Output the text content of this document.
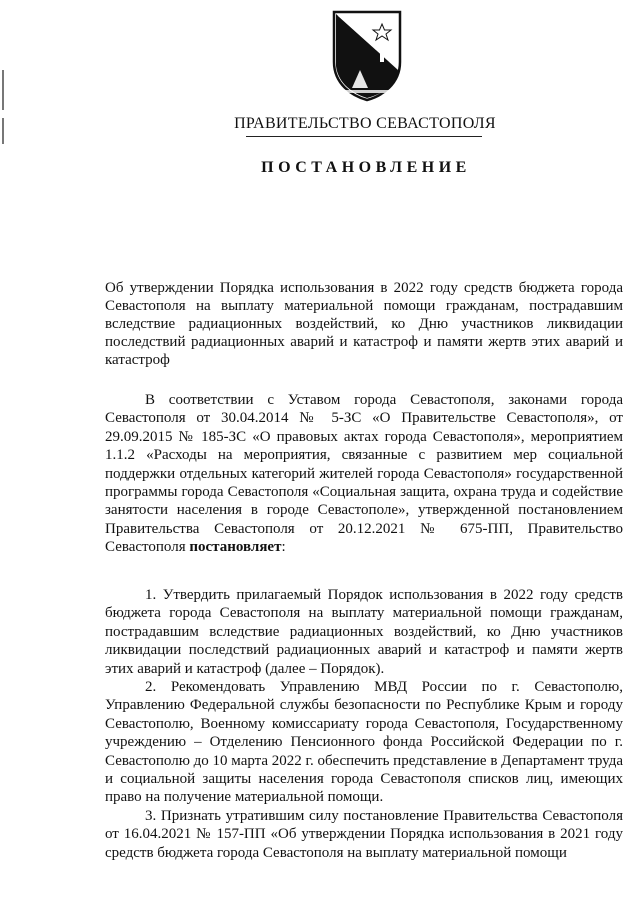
ПРАВИТЕЛЬСТВО СЕВАСТОПОЛЯ
ПОСТАНОВЛЕНИЕ
Об утверждении Порядка использования в 2022 году средств бюджета города Севастополя на выплату материальной помощи гражданам, пострадавшим вследствие радиационных воздействий, ко Дню участников ликвидации последствий радиационных аварий и катастроф и памяти жертв этих аварий и катастроф
В соответствии с Уставом города Севастополя, законами города Севастополя от 30.04.2014 № 5-ЗС «О Правительстве Севастополя», от 29.09.2015 № 185-ЗС «О правовых актах города Севастополя», мероприятием 1.1.2 «Расходы на мероприятия, связанные с развитием мер социальной поддержки отдельных категорий жителей города Севастополя» государственной программы города Севастополя «Социальная защита, охрана труда и содействие занятости населения в городе Севастополе», утвержденной постановлением Правительства Севастополя от 20.12.2021 № 675-ПП, Правительство Севастополя постановляет:

1. Утвердить прилагаемый Порядок использования в 2022 году средств бюджета города Севастополя на выплату материальной помощи гражданам, пострадавшим вследствие радиационных воздействий, ко Дню участников ликвидации последствий радиационных аварий и катастроф и памяти жертв этих аварий и катастроф (далее – Порядок).

2. Рекомендовать Управлению МВД России по г. Севастополю, Управлению Федеральной службы безопасности по Республике Крым и городу Севастополю, Военному комиссариату города Севастополя, Государственному учреждению – Отделению Пенсионного фонда Российской Федерации по г. Севастополю до 10 марта 2022 г. обеспечить представление в Департамент труда и социальной защиты населения города Севастополя списков лиц, имеющих право на получение материальной помощи.

3. Признать утратившим силу постановление Правительства Севастополя от 16.04.2021 № 157-ПП «Об утверждении Порядка использования в 2021 году средств бюджета города Севастополя на выплату материальной помощи
